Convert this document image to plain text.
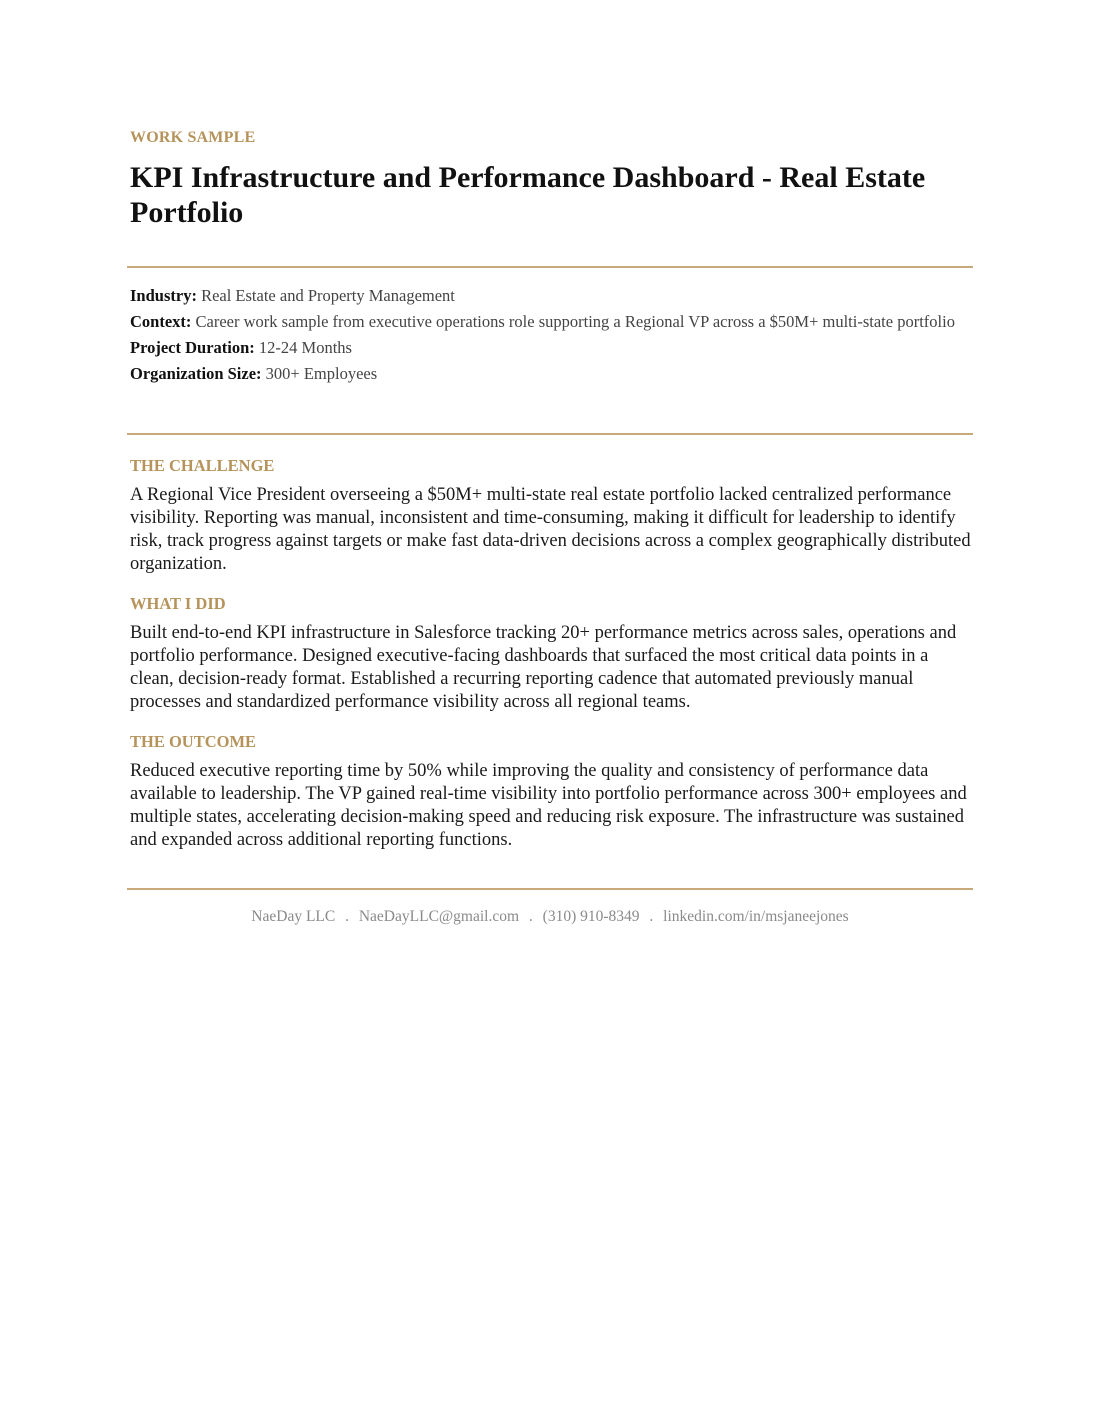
WORK SAMPLE

KPI Infrastructure and Performance Dashboard - Real Estate Portfolio

Industry: Real Estate and Property Management

Context: Career work sample from executive operations role supporting a Regional VP across a $50M+ multi-state portfolio

Project Duration: 12-24 Months

Organization Size: 300+ Employees

THE CHALLENGE

A Regional Vice President overseeing a $50M+ multi-state real estate portfolio lacked centralized performance visibility. Reporting was manual, inconsistent and time-consuming, making it difficult for leadership to identify risk, track progress against targets or make fast data-driven decisions across a complex geographically distributed organization.

WHAT I DID

Built end-to-end KPI infrastructure in Salesforce tracking 20+ performance metrics across sales, operations and portfolio performance. Designed executive-facing dashboards that surfaced the most critical data points in a clean, decision-ready format. Established a recurring reporting cadence that automated previously manual processes and standardized performance visibility across all regional teams.

THE OUTCOME

Reduced executive reporting time by 50% while improving the quality and consistency of performance data available to leadership. The VP gained real-time visibility into portfolio performance across 300+ employees and multiple states, accelerating decision-making speed and reducing risk exposure. The infrastructure was sustained and expanded across additional reporting functions.

NaeDay LLC . NaeDayLLC@gmail.com . (310) 910-8349 . linkedin.com/in/msjaneejones
